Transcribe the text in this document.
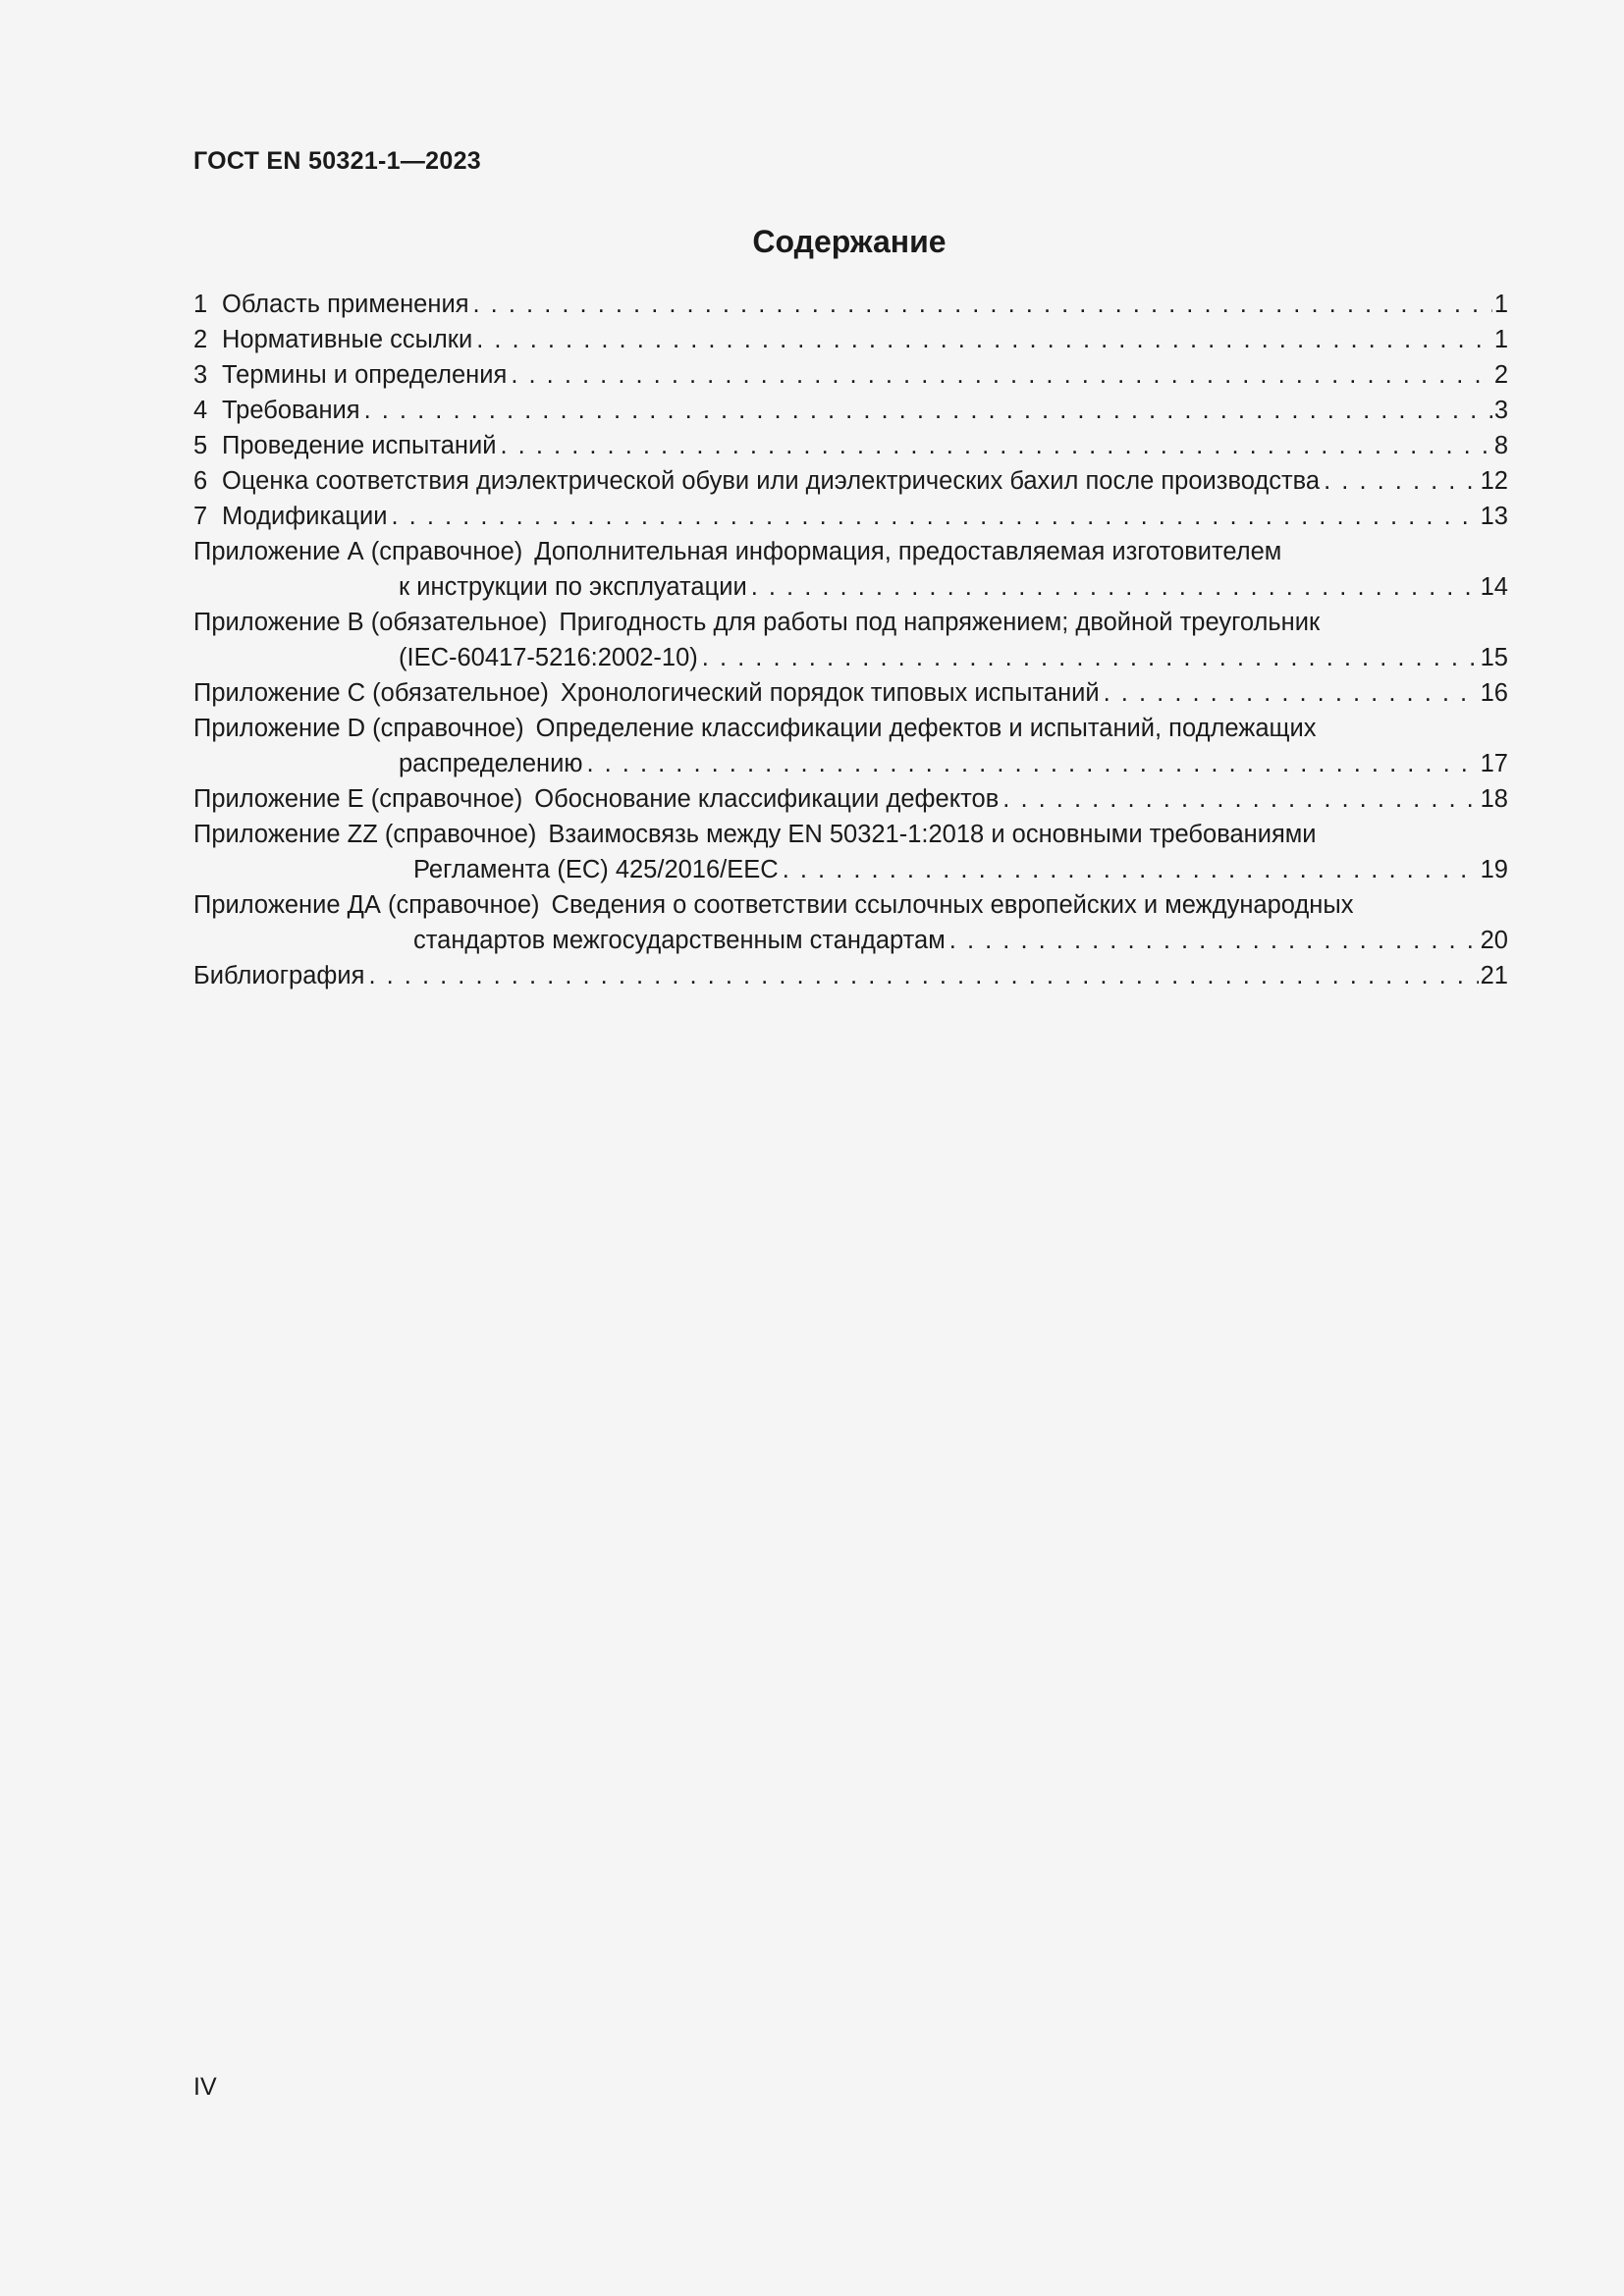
ГОСТ EN 50321-1—2023
Содержание
1 Область применения . . .	1
2 Нормативные ссылки . . .	1
3 Термины и определения . . .	2
4 Требования . . .	3
5 Проведение испытаний . . .	8
6 Оценка соответствия диэлектрической обуви или диэлектрических бахил после производства . . .	12
7 Модификации . . .	13
Приложение А (справочное) Дополнительная информация, предоставляемая изготовителем
к инструкции по эксплуатации . . .	14
Приложение В (обязательное) Пригодность для работы под напряжением; двойной треугольник
(IEC-60417-5216:2002-10) . . .	15
Приложение С (обязательное) Хронологический порядок типовых испытаний . . .	16
Приложение D (справочное) Определение классификации дефектов и испытаний, подлежащих
распределению . . .	17
Приложение Е (справочное) Обоснование классификации дефектов . . .	18
Приложение ZZ (справочное) Взаимосвязь между EN 50321-1:2018 и основными требованиями
Регламента (ЕС) 425/2016/ЕЕС . . .	19
Приложение ДА (справочное) Сведения о соответствии ссылочных европейских и международных
стандартов межгосударственным стандартам . . .	20
Библиография . . .	21
IV
